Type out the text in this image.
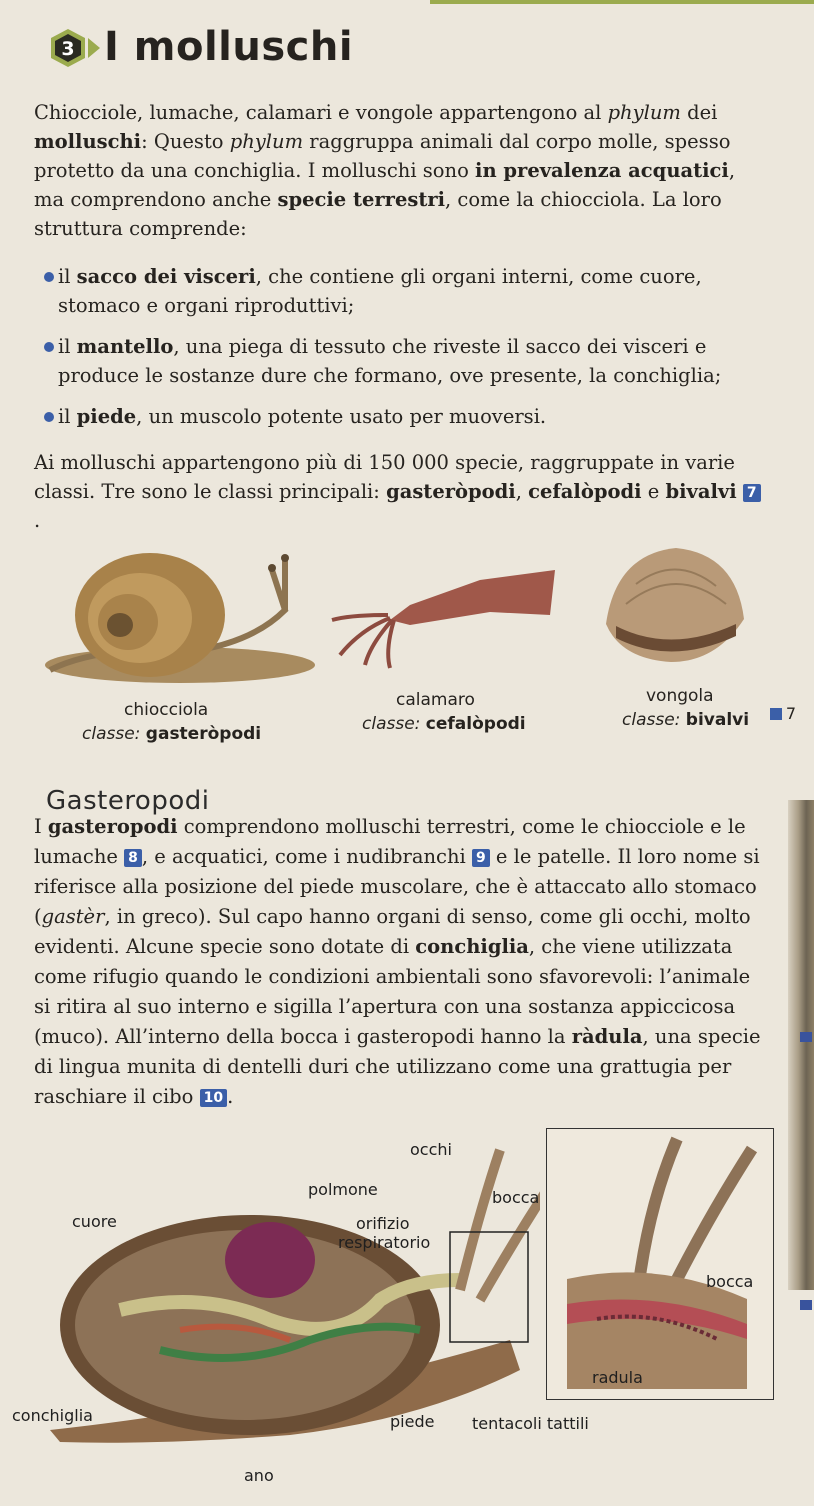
3 I molluschi

Chiocciole, lumache, calamari e vongole appartengono al phylum dei molluschi: Questo phylum raggruppa animali dal corpo molle, spesso protetto da una conchiglia. I molluschi sono in prevalenza acquatici, ma comprendono anche specie terrestri, come la chiocciola. La loro struttura comprende:

il sacco dei visceri, che contiene gli organi interni, come cuore, stomaco e organi riproduttivi;
il mantello, una piega di tessuto che riveste il sacco dei visceri e produce le sostanze dure che formano, ove presente, la conchiglia;
il piede, un muscolo potente usato per muoversi.

Ai molluschi appartengono più di 150 000 specie, raggruppate in varie classi. Tre sono le classi principali: gasteròpodi, cefalòpodi e bivalvi 7.

chiocciola
classe: gasteròpodi
calamaro
classe: cefalòpodi
vongola
classe: bivalvi	7
Gasteropodi

I gasteropodi comprendono molluschi terrestri, come le chiocciole e le lumache 8 , e acquatici, come i nudibranchi 9 e le patelle. Il loro nome si riferisce alla posizione del piede muscolare, che è attaccato allo stomaco (gastèr, in greco). Sul capo hanno organi di senso, come gli occhi, molto evidenti. Alcune specie sono dotate di conchiglia, che viene utilizzata come rifugio quando le condizioni ambientali sono sfavorevoli: l’animale si ritira al suo interno e sigilla l’apertura con una sostanza appiccicosa (muco). All’interno della bocca i gasteropodi hanno la ràdula, una specie di lingua munita di dentelli duri che utilizzano come una grattugia per raschiare il cibo 10 .

occhi
polmone	bocca
cuore	orifizio
respiratorio
conchiglia	piede tentacoli tattili
ano
bocca
radula
